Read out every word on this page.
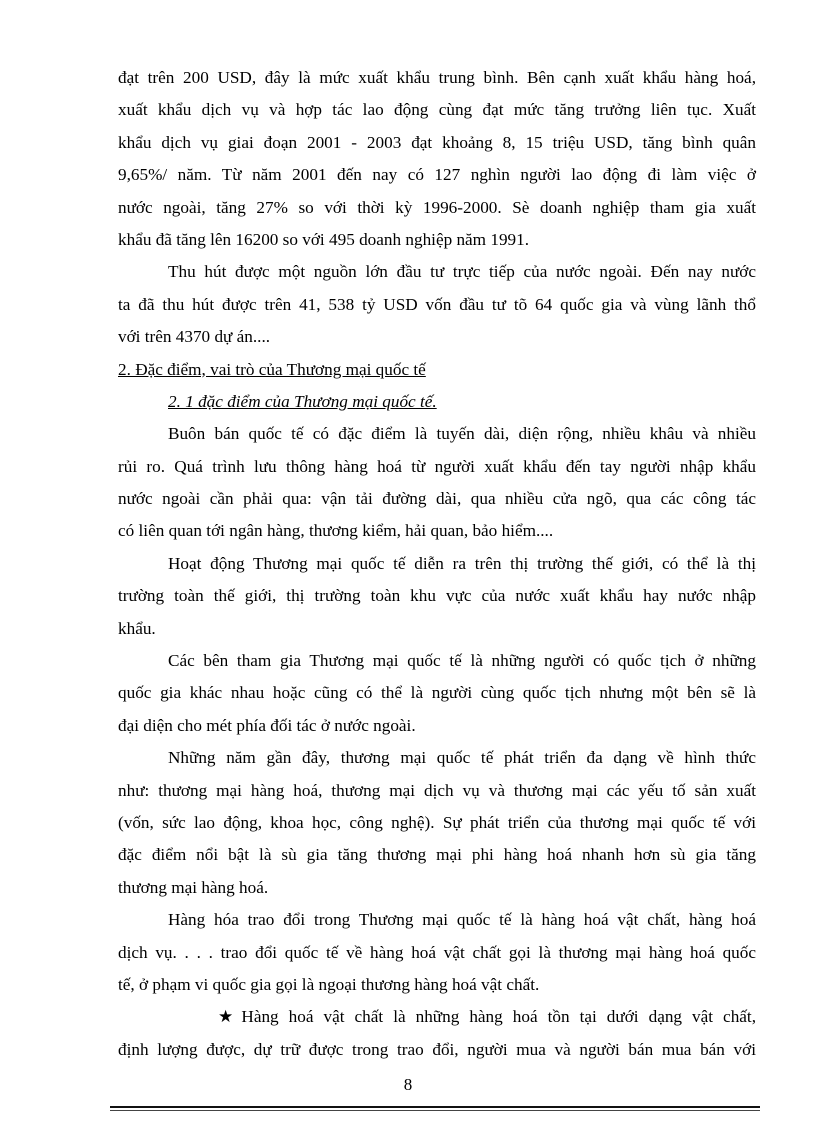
đạt trên 200 USD, đây là mức xuất khẩu trung bình. Bên cạnh xuất khẩu hàng hoá,
xuất khẩu dịch vụ và hợp tác lao động cùng đạt mức tăng trưởng liên tục. Xuất
khẩu dịch vụ giai đoạn 2001 - 2003 đạt khoảng 8, 15 triệu USD, tăng bình quân
9,65%/ năm. Từ năm 2001 đến nay có 127 nghìn người lao động đi làm việc ở
nước ngoài, tăng 27% so với thời kỳ 1996-2000. Sè doanh nghiệp tham gia xuất
khẩu đã tăng lên 16200 so với 495 doanh nghiệp năm 1991.
Thu hút được một nguồn lớn đầu tư trực tiếp của nước ngoài. Đến nay nước
ta đã thu hút được trên 41, 538 tỷ USD vốn đầu tư tõ 64 quốc gia và vùng lãnh thổ
với trên 4370 dự án....
2. Đặc điểm, vai trò của Thương mại quốc tế
2. 1 đặc điểm của Thương mại quốc tế.
Buôn bán quốc tế có đặc điểm là tuyến dài, diện rộng, nhiều khâu và nhiều
rủi ro. Quá trình lưu thông hàng hoá từ người xuất khẩu đến tay người nhập khẩu
nước ngoài cần phải qua: vận tải đường dài, qua nhiều cửa ngõ, qua các công tác
có liên quan tới ngân hàng, thương kiểm, hải quan, bảo hiểm....
Hoạt động Thương mại quốc tế diễn ra trên thị trường thế giới, có thể là thị
trường toàn thế giới, thị trường toàn khu vực của nước xuất khẩu hay nước nhập
khẩu.
Các bên tham gia Thương mại quốc tế là những người có quốc tịch ở những
quốc gia khác nhau hoặc cũng có thể là người cùng quốc tịch nhưng một bên sẽ là
đại diện cho mét phía đối tác ở nước ngoài.
Những năm gần đây, thương mại quốc tế phát triển đa dạng về hình thức
như: thương mại hàng hoá, thương mại dịch vụ và thương mại các yếu tố sản xuất
(vốn, sức lao động, khoa học, công nghệ). Sự phát triển của thương mại quốc tế với
đặc điểm nổi bật là sù gia tăng thương mại phi hàng hoá nhanh hơn sù gia tăng
thương mại hàng hoá.
Hàng hóa trao đổi trong Thương mại quốc tế là hàng hoá vật chất, hàng hoá
dịch vụ. . . . trao đổi quốc tế về hàng hoá vật chất gọi là thương mại hàng hoá quốc
tế, ở phạm vi quốc gia gọi là ngoại thương hàng hoá vật chất.
★ Hàng hoá vật chất là những hàng hoá tồn tại dưới dạng vật chất,
định lượng được, dự trữ được trong trao đổi, người mua và người bán mua bán với
8
